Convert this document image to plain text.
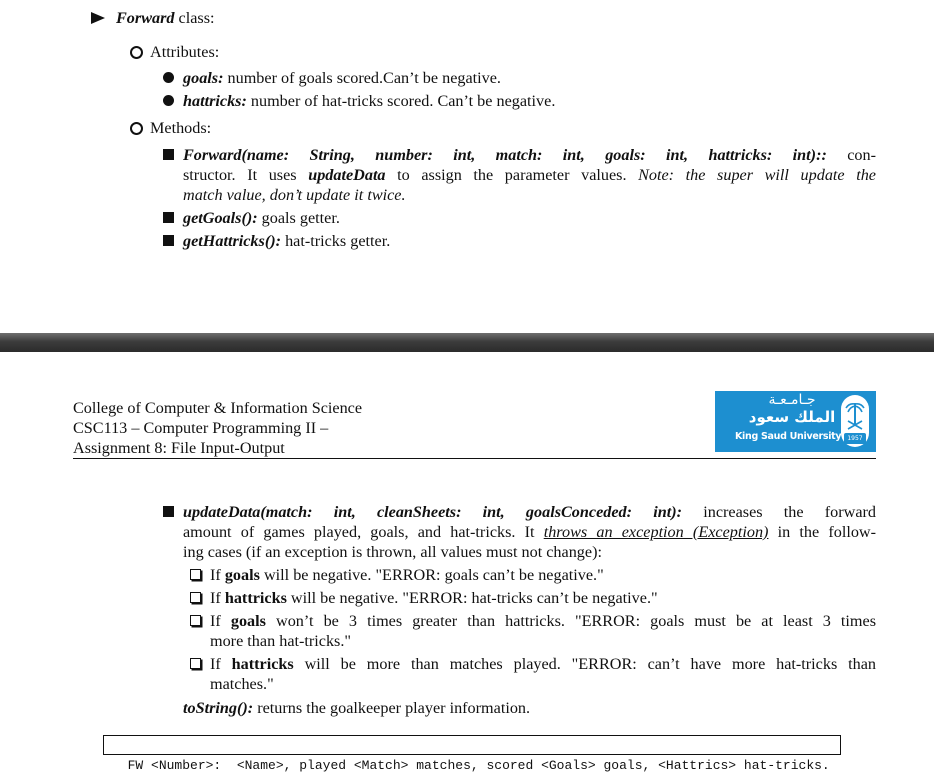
Forward class:
Attributes:
goals: number of goals scored.Can’t be negative.
hattricks: number of hat-tricks scored. Can’t be negative.
Methods:
Forward(name: String, number: int, match: int, goals: int, hattricks: int):: con-
structor. It uses updateData to assign the parameter values. Note: the super will update the
match value, don’t update it twice.
getGoals(): goals getter.
getHattricks(): hat-tricks getter.
College of Computer & Information Science
CSC113 – Computer Programming II –
Assignment 8: File Input-Output
جـامـعـة
الملك سعود
King Saud University	1957
updateData(match: int, cleanSheets: int, goalsConceded: int): increases the forward
amount of games played, goals, and hat-tricks. It throws an exception (Exception) in the follow-
ing cases (if an exception is thrown, all values must not change):
If goals will be negative. "ERROR: goals can’t be negative."
If hattricks will be negative. "ERROR: hat-tricks can’t be negative."
If goals won’t be 3 times greater than hattricks. "ERROR: goals must be at least 3 times
more than hat-tricks."
If hattricks will be more than matches played. "ERROR: can’t have more hat-tricks than
matches."
toString(): returns the goalkeeper player information.

FW <Number>:  <Name>, played <Match> matches, scored <Goals> goals, <Hattrics> hat-tricks.
